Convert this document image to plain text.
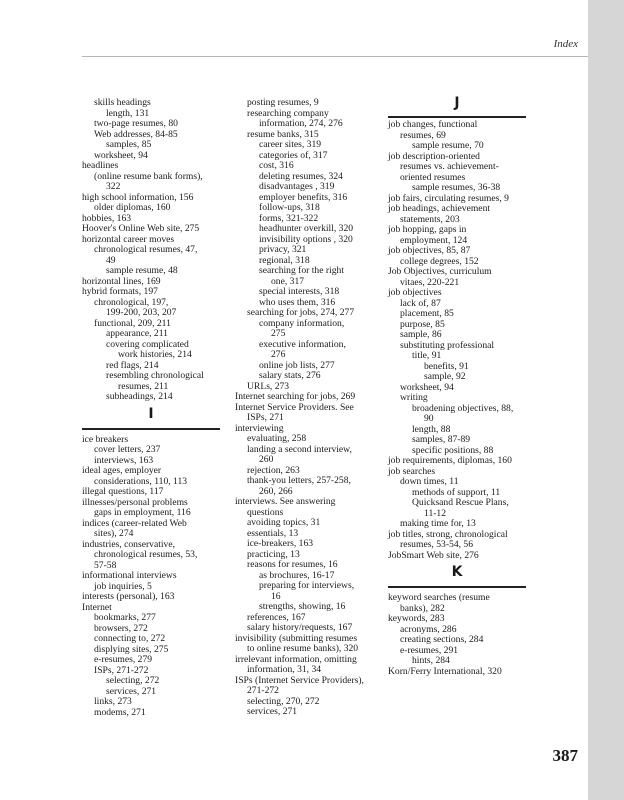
Index
skills headings
length, 131
two-page resumes, 80
Web addresses, 84-85
samples, 85
worksheet, 94
headlines
(online resume bank forms),
322
high school information, 156
older diplomas, 160
hobbies, 163
Hoover's Online Web site, 275
horizontal career moves
chronological resumes, 47,
49
sample resume, 48
horizontal lines, 169
hybrid formats, 197
chronological, 197,
199-200, 203, 207
functional, 209, 211
appearance, 211
covering complicated
work histories, 214
red flags, 214
resembling chronological
resumes, 211
subheadings, 214
I
ice breakers
cover letters, 237
interviews, 163
ideal ages, employer
considerations, 110, 113
illegal questions, 117
illnesses/personal problems
gaps in employment, 116
indices (career-related Web
sites), 274
industries, conservative,
chronological resumes, 53,
57-58
informational interviews
job inquiries, 5
interests (personal), 163
Internet
bookmarks, 277
browsers, 272
connecting to, 272
displying sites, 275
e-resumes, 279
ISPs, 271-272
selecting, 272
services, 271
links, 273
modems, 271
posting resumes, 9
researching company
information, 274, 276
resume banks, 315
career sites, 319
categories of, 317
cost, 316
deleting resumes, 324
disadvantages , 319
employer benefits, 316
follow-ups, 318
forms, 321-322
headhunter overkill, 320
invisibility options , 320
privacy, 321
regional, 318
searching for the right
one, 317
special interests, 318
who uses them, 316
searching for jobs, 274, 277
company information,
275
executive information,
276
online job lists, 277
salary stats, 276
URLs, 273
Internet searching for jobs, 269
Internet Service Providers. See
ISPs, 271
interviewing
evaluating, 258
landing a second interview,
260
rejection, 263
thank-you letters, 257-258,
260, 266
interviews. See answering
questions
avoiding topics, 31
essentials, 13
ice-breakers, 163
practicing, 13
reasons for resumes, 16
as brochures, 16-17
preparing for interviews,
16
strengths, showing, 16
references, 167
salary history/requests, 167
invisibility (submitting resumes
to online resume banks), 320
irrelevant information, omitting
information, 31, 34
ISPs (Internet Service Providers),
271-272
selecting, 270, 272
services, 271
J
job changes, functional
resumes, 69
sample resume, 70
job description-oriented
resumes vs. achievement-
oriented resumes
sample resumes, 36-38
job fairs, circulating resumes, 9
job headings, achievement
statements, 203
job hopping, gaps in
employment, 124
job objectives, 85, 87
college degrees, 152
Job Objectives, curriculum
vitaes, 220-221
job objectives
lack of, 87
placement, 85
purpose, 85
sample, 86
substituting professional
title, 91
benefits, 91
sample, 92
worksheet, 94
writing
broadening objectives, 88,
90
length, 88
samples, 87-89
specific positions, 88
job requirements, diplomas, 160
job searches
down times, 11
methods of support, 11
Quicksand Rescue Plans,
11-12
making time for, 13
job titles, strong, chronological
resumes, 53-54, 56
JobSmart Web site, 276
K
keyword searches (resume
banks), 282
keywords, 283
acronyms, 286
creating sections, 284
e-resumes, 291
hints, 284
Korn/Ferry International, 320
387
